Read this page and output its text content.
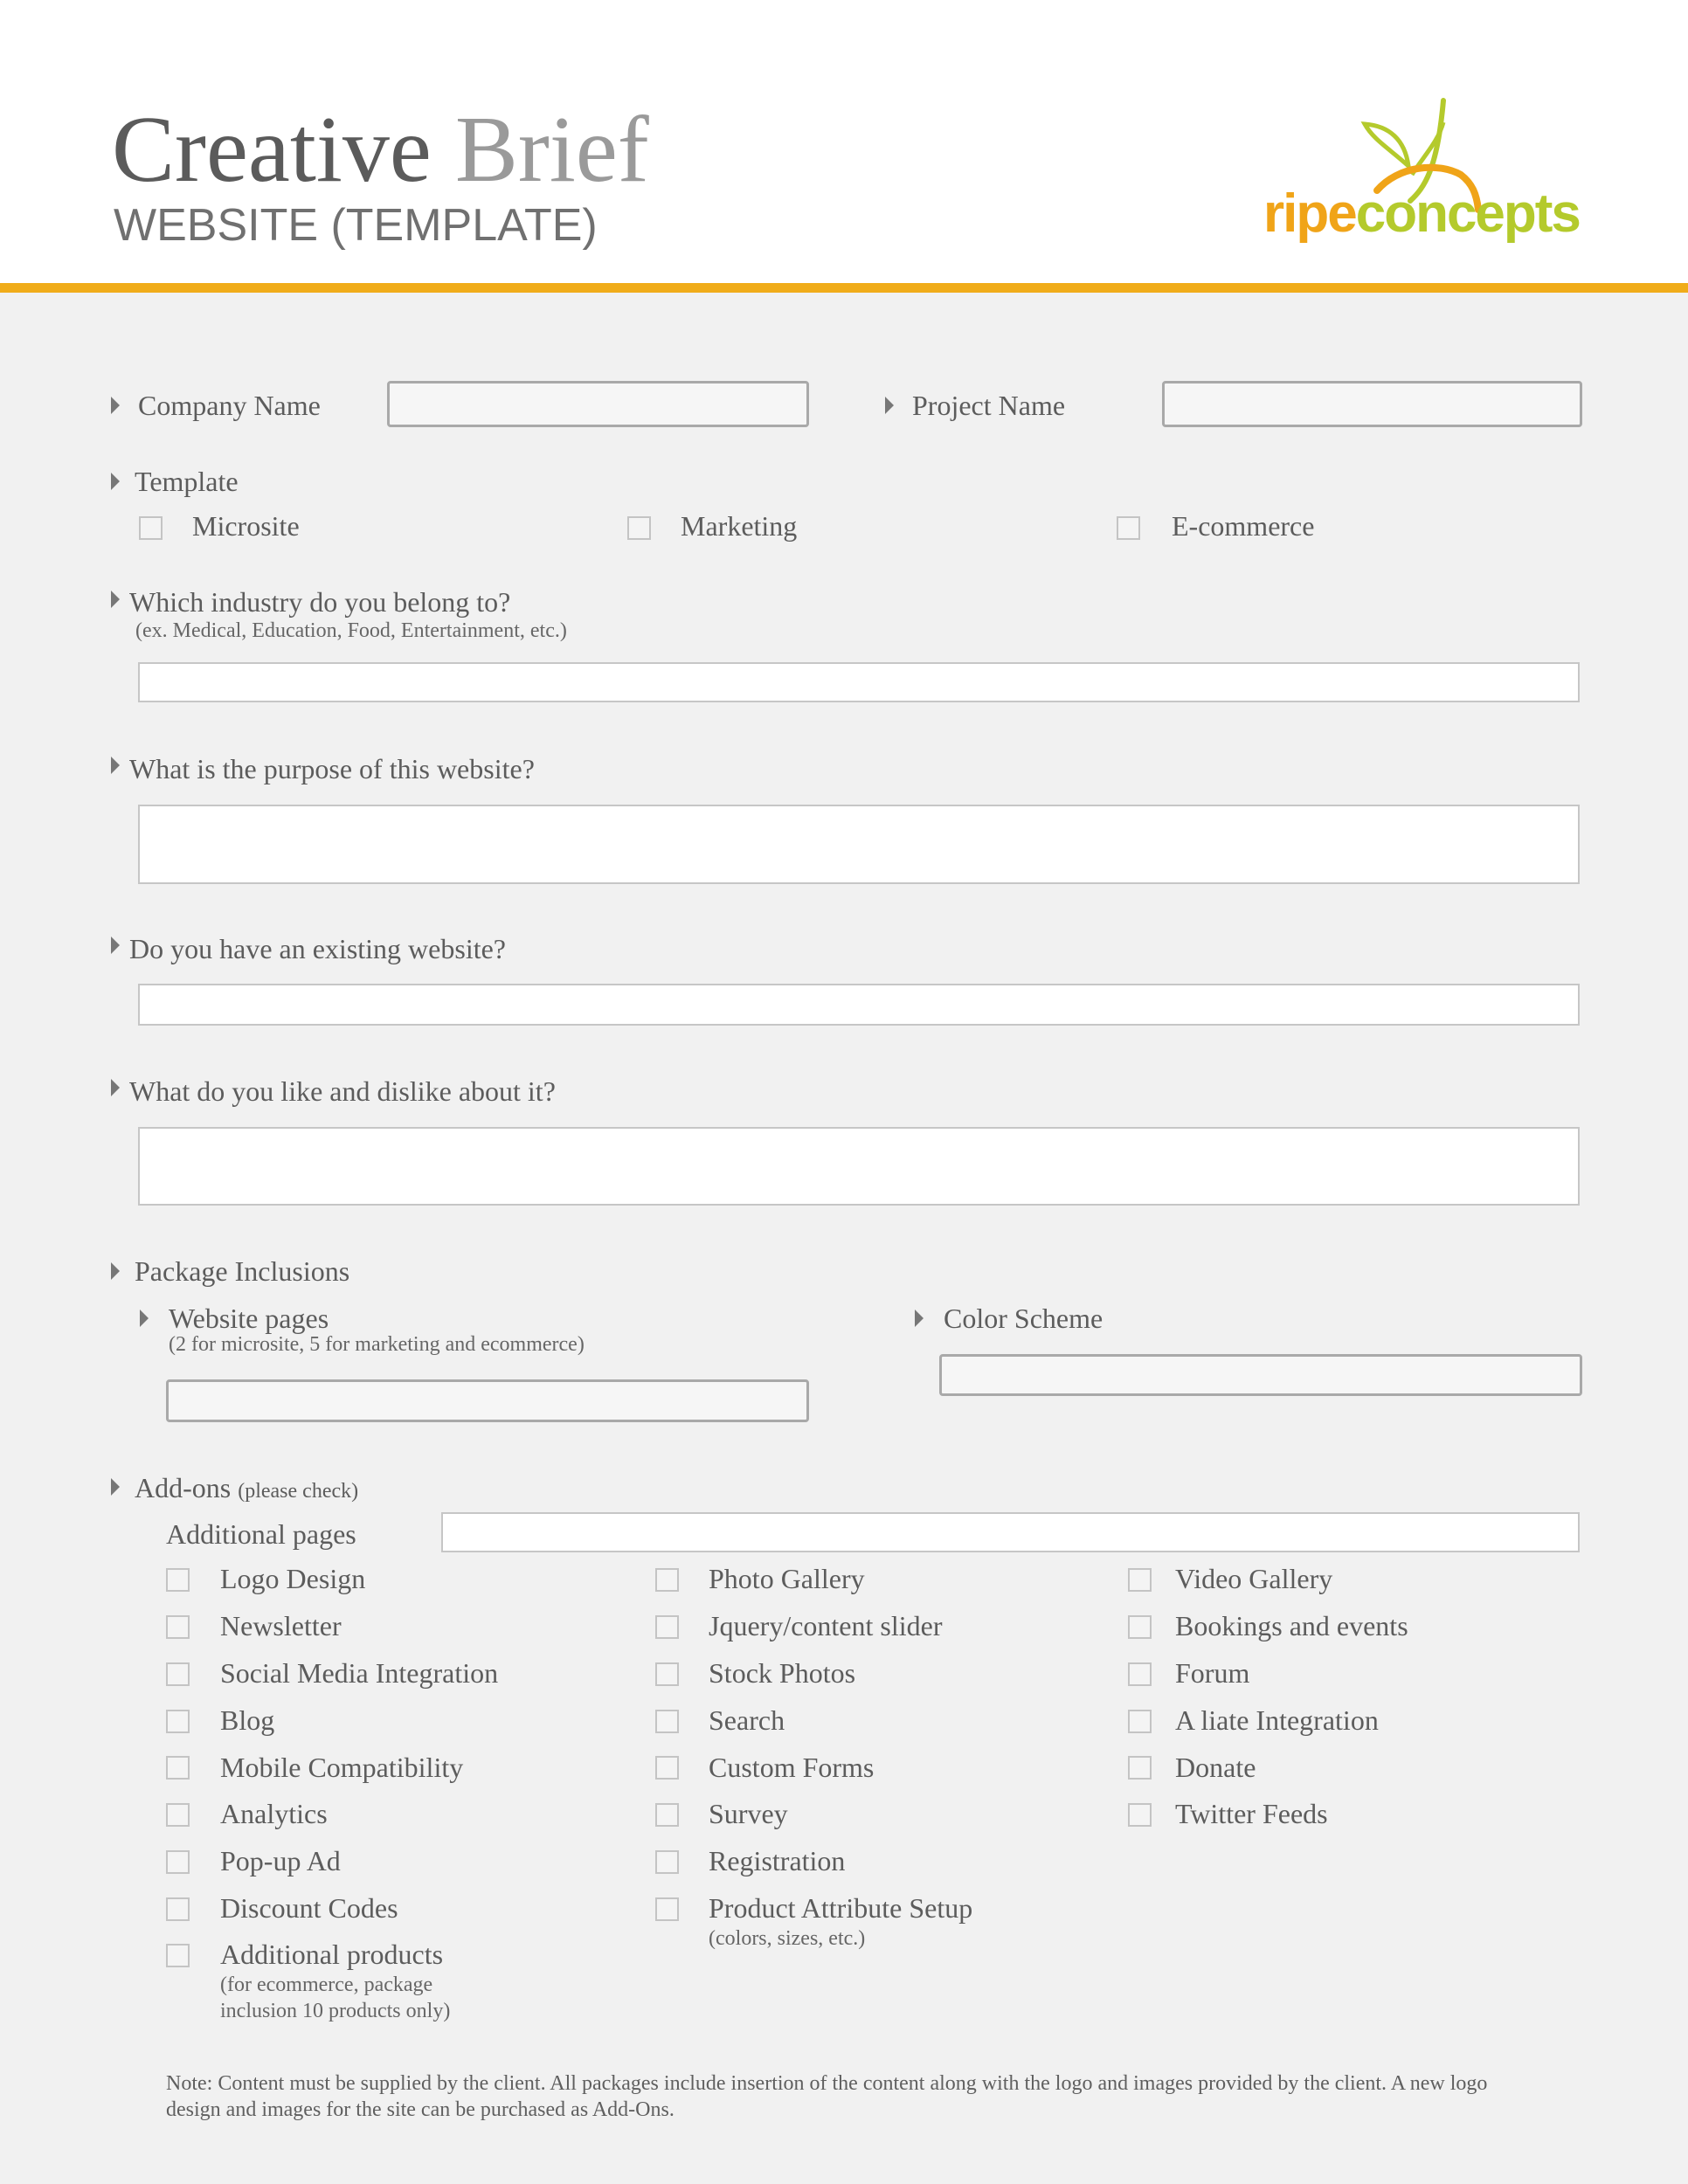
Creative Brief
WEBSITE (TEMPLATE)	ripeconcepts
Company Name	Project Name
Template
Microsite	Marketing	E-commerce
Which industry do you belong to?
(ex. Medical, Education, Food, Entertainment, etc.)
What is the purpose of this website?
Do you have an existing website?
What do you like and dislike about it?
Package Inclusions
Website pages
(2 for microsite, 5 for marketing and ecommerce)
Color Scheme
Add-ons (please check)
Additional pages
Logo Design
Newsletter
Social Media Integration
Blog
Mobile Compatibility
Analytics
Pop-up Ad
Discount Codes
Additional products
(for ecommerce, package
inclusion 10 products only)
Photo Gallery
Jquery/content slider
Stock Photos
Search
Custom Forms
Survey
Registration
Product Attribute Setup
(colors, sizes, etc.)
Video Gallery
Bookings and events
Forum
A liate Integration
Donate
Twitter Feeds
Note: Content must be supplied by the client. All packages include insertion of the content along with the logo and images provided by the client. A new logo design and images for the site can be purchased as Add-Ons.
